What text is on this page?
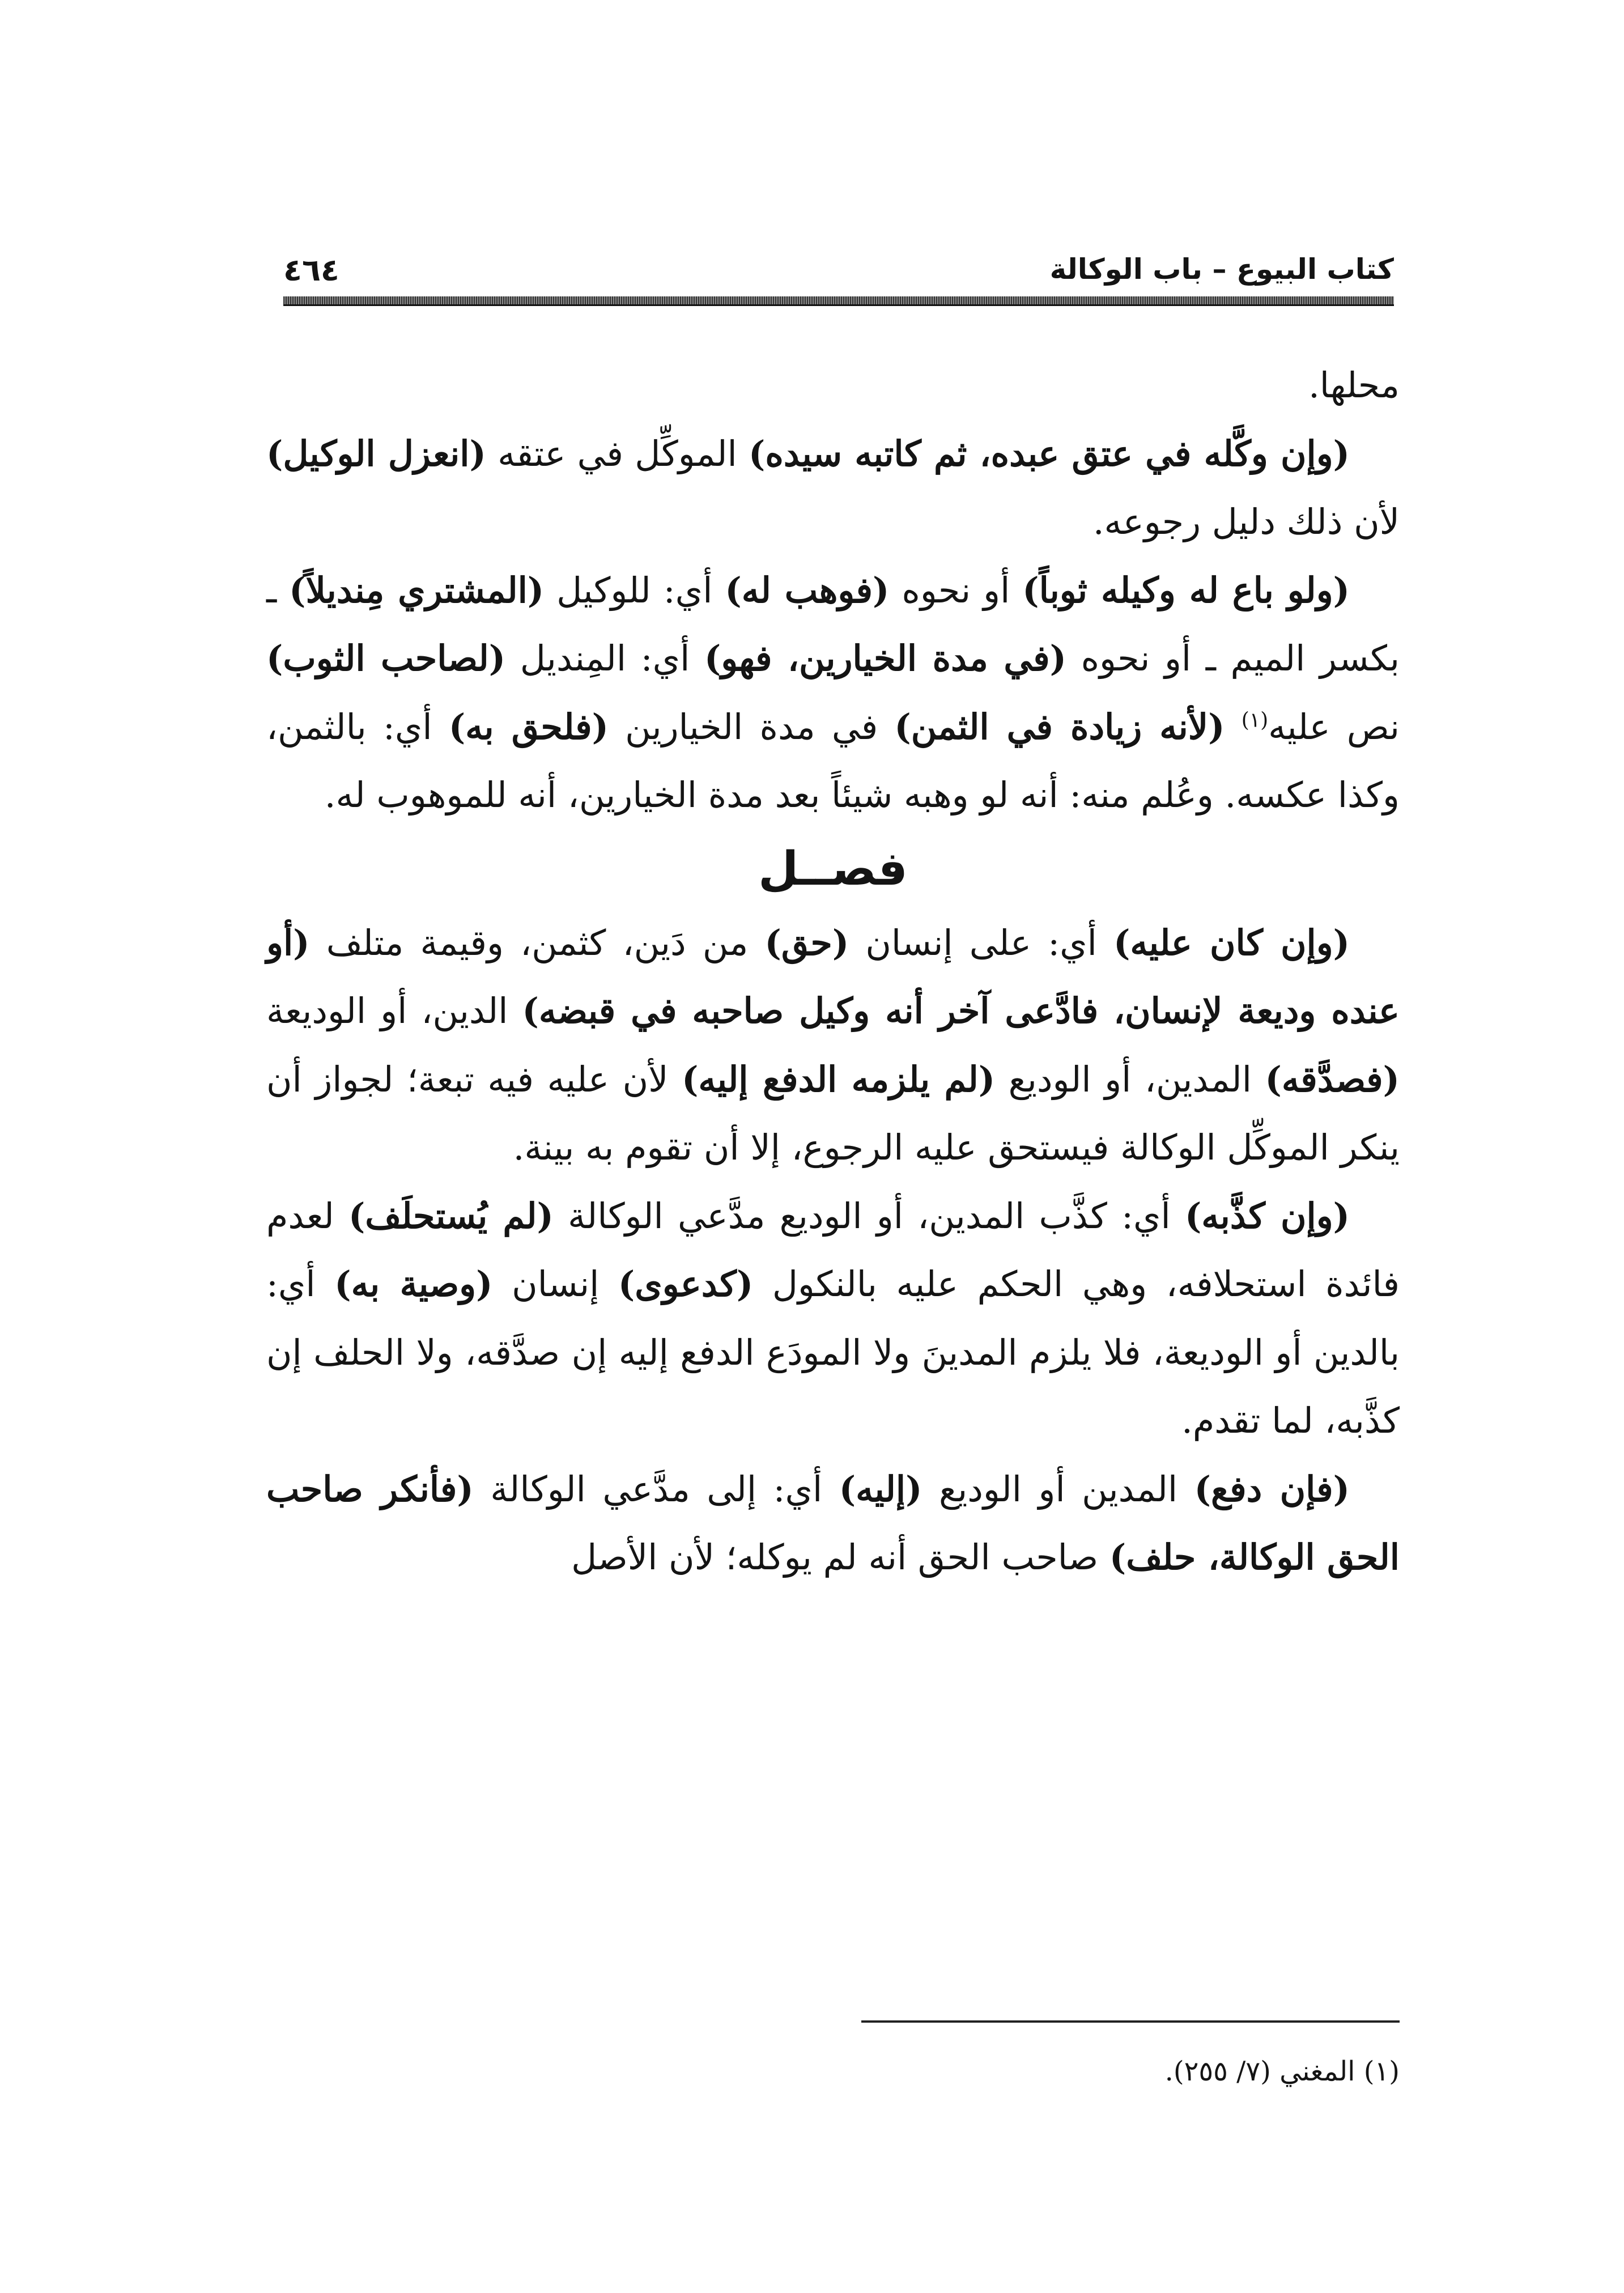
كتاب البيوع – باب الوكالة
٤٦٤

محلها.

(وإن وكَّله في عتق عبده، ثم كاتبه سيده) الموكِّل في عتقه (انعزل الوكيل) لأن ذلك دليل رجوعه.

(ولو باع له وكيله ثوباً) أو نحوه (فوهب له) أي: للوكيل (المشتري مِنديلاً) ـ بكسر الميم ـ أو نحوه (في مدة الخيارين، فهو) أي: المِنديل (لصاحب الثوب) نص عليه$^{(١)}$ (لأنه زيادة في الثمن) في مدة الخيارين (فلحق به) أي: بالثمن، وكذا عكسه. وعُلم منه: أنه لو وهبه شيئاً بعد مدة الخيارين، أنه للموهوب له.

فصــل

(وإن كان عليه) أي: على إنسان (حق) من دَين، كثمن، وقيمة متلف (أو عنده وديعة لإنسان، فادَّعى آخر أنه وكيل صاحبه في قبضه) الدين، أو الوديعة (فصدَّقه) المدين، أو الوديع (لم يلزمه الدفع إليه) لأن عليه فيه تبعة؛ لجواز أن ينكر الموكِّل الوكالة فيستحق عليه الرجوع، إلا أن تقوم به بينة.

(وإن كذَّبه) أي: كذَّب المدين، أو الوديع مدَّعي الوكالة (لم يُستحلَف) لعدم فائدة استحلافه، وهي الحكم عليه بالنكول (كدعوى) إنسان (وصية به) أي: بالدين أو الوديعة، فلا يلزم المدينَ ولا المودَع الدفع إليه إن صدَّقه، ولا الحلف إن كذَّبه، لما تقدم.

(فإن دفع) المدين أو الوديع (إليه) أي: إلى مدَّعي الوكالة (فأنكر صاحب الحق الوكالة، حلف) صاحب الحق أنه لم يوكله؛ لأن الأصل

(١) المغني (٧/ ٢٥٥).
